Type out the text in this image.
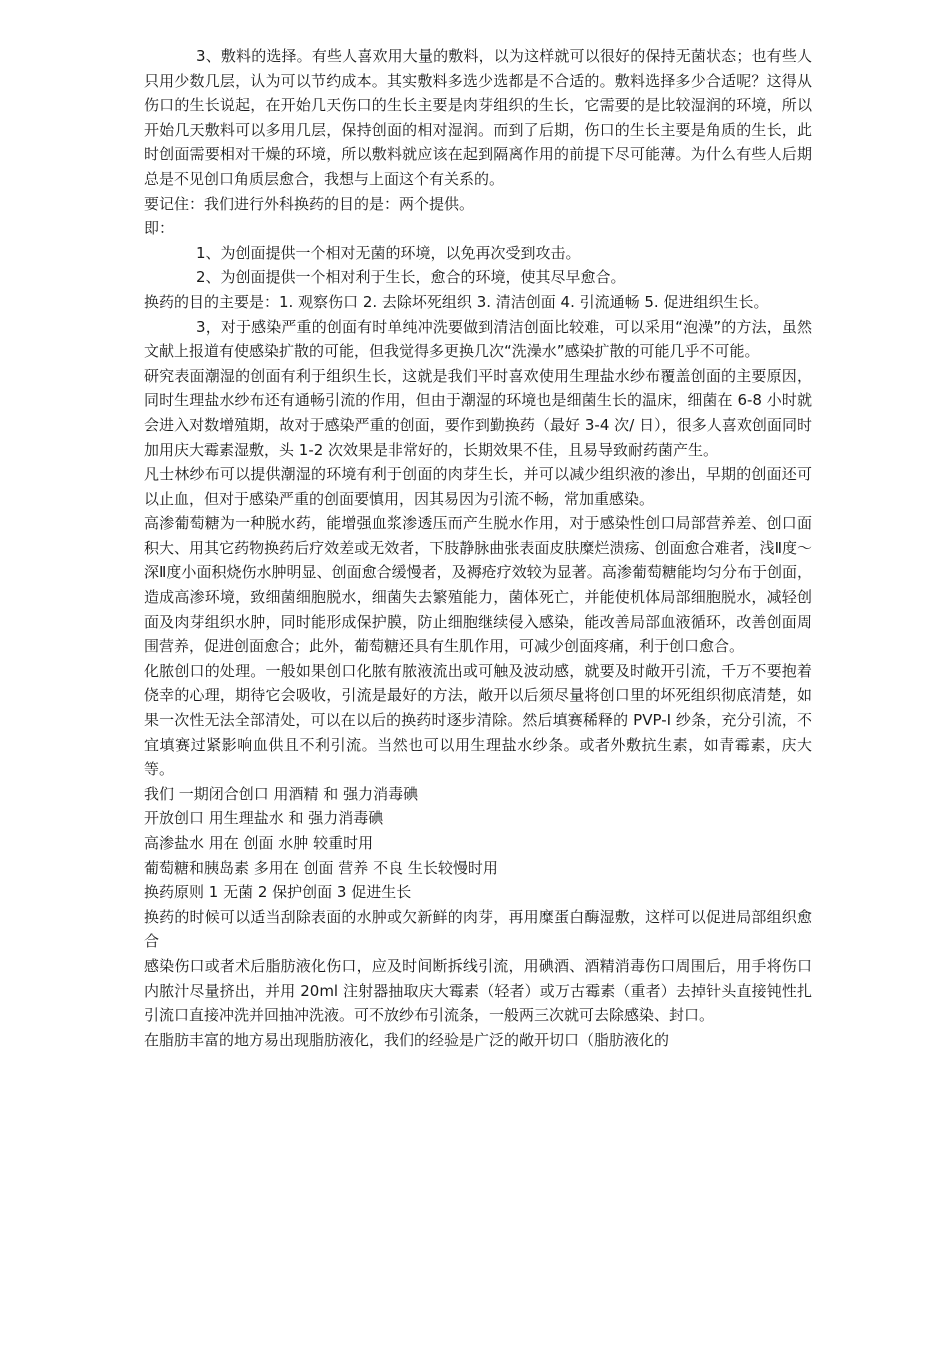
3、敷料的选择。有些人喜欢用大量的敷料，以为这样就可以很好的保持无菌状态；也有些人只用少数几层，认为可以节约成本。其实敷料多选少选都是不合适的。敷料选择多少合适呢？这得从伤口的生长说起，在开始几天伤口的生长主要是肉芽组织的生长，它需要的是比较湿润的环境，所以开始几天敷料可以多用几层，保持创面的相对湿润。而到了后期，伤口的生长主要是角质的生长，此时创面需要相对干燥的环境，所以敷料就应该在起到隔离作用的前提下尽可能薄。为什么有些人后期总是不见创口角质层愈合，我想与上面这个有关系的。

要记住：我们进行外科换药的目的是：两个提供。

即：

1、为创面提供一个相对无菌的环境，以免再次受到攻击。

2、为创面提供一个相对利于生长，愈合的环境，使其尽早愈合。

换药的目的主要是：1. 观察伤口 2. 去除坏死组织 3. 清洁创面 4. 引流通畅 5. 促进组织生长。

3，对于感染严重的创面有时单纯冲洗要做到清洁创面比较难，可以采用“泡澡”的方法，虽然文献上报道有使感染扩散的可能，但我觉得多更换几次“洗澡水”感染扩散的可能几乎不可能。

研究表面潮湿的创面有利于组织生长，这就是我们平时喜欢使用生理盐水纱布覆盖创面的主要原因，同时生理盐水纱布还有通畅引流的作用，但由于潮湿的环境也是细菌生长的温床，细菌在 6-8 小时就会进入对数增殖期，故对于感染严重的创面，要作到勤换药（最好 3-4 次/ 日），很多人喜欢创面同时加用庆大霉素湿敷，头 1-2 次效果是非常好的，长期效果不佳，且易导致耐药菌产生。

凡士林纱布可以提供潮湿的环境有利于创面的肉芽生长，并可以减少组织液的渗出，早期的创面还可以止血，但对于感染严重的创面要慎用，因其易因为引流不畅，常加重感染。

高渗葡萄糖为一种脱水药，能增强血浆渗透压而产生脱水作用，对于感染性创口局部营养差、创口面积大、用其它药物换药后疗效差或无效者，下肢静脉曲张表面皮肤糜烂溃疡、创面愈合难者，浅Ⅱ度～深Ⅱ度小面积烧伤水肿明显、创面愈合缓慢者，及褥疮疗效较为显著。高渗葡萄糖能均匀分布于创面，造成高渗环境，致细菌细胞脱水，细菌失去繁殖能力，菌体死亡，并能使机体局部细胞脱水，减轻创面及肉芽组织水肿，同时能形成保护膜，防止细胞继续侵入感染，能改善局部血液循环，改善创面周围营养，促进创面愈合；此外，葡萄糖还具有生肌作用，可减少创面疼痛，利于创口愈合。

化脓创口的处理。一般如果创口化脓有脓液流出或可触及波动感，就要及时敞开引流，千万不要抱着侥幸的心理，期待它会吸收，引流是最好的方法，敞开以后须尽量将创口里的坏死组织彻底清楚，如果一次性无法全部清处，可以在以后的换药时逐步清除。然后填赛稀释的 PVP-I 纱条，充分引流，不宜填赛过紧影响血供且不利引流。当然也可以用生理盐水纱条。或者外敷抗生素，如青霉素，庆大等。

我们 一期闭合创口 用酒精 和 强力消毒碘

开放创口 用生理盐水 和 强力消毒碘

高渗盐水 用在 创面 水肿 较重时用

葡萄糖和胰岛素 多用在 创面 营养 不良 生长较慢时用

换药原则 1 无菌 2 保护创面 3 促进生长

换药的时候可以适当刮除表面的水肿或欠新鲜的肉芽，再用糜蛋白酶湿敷，这样可以促进局部组织愈合

感染伤口或者术后脂肪液化伤口，应及时间断拆线引流，用碘酒、酒精消毒伤口周围后，用手将伤口内脓汁尽量挤出，并用 20ml 注射器抽取庆大霉素（轻者）或万古霉素（重者）去掉针头直接钝性扎引流口直接冲洗并回抽冲洗液。可不放纱布引流条，一般两三次就可去除感染、封口。

在脂肪丰富的地方易出现脂肪液化，我们的经验是广泛的敞开切口（脂肪液化的
